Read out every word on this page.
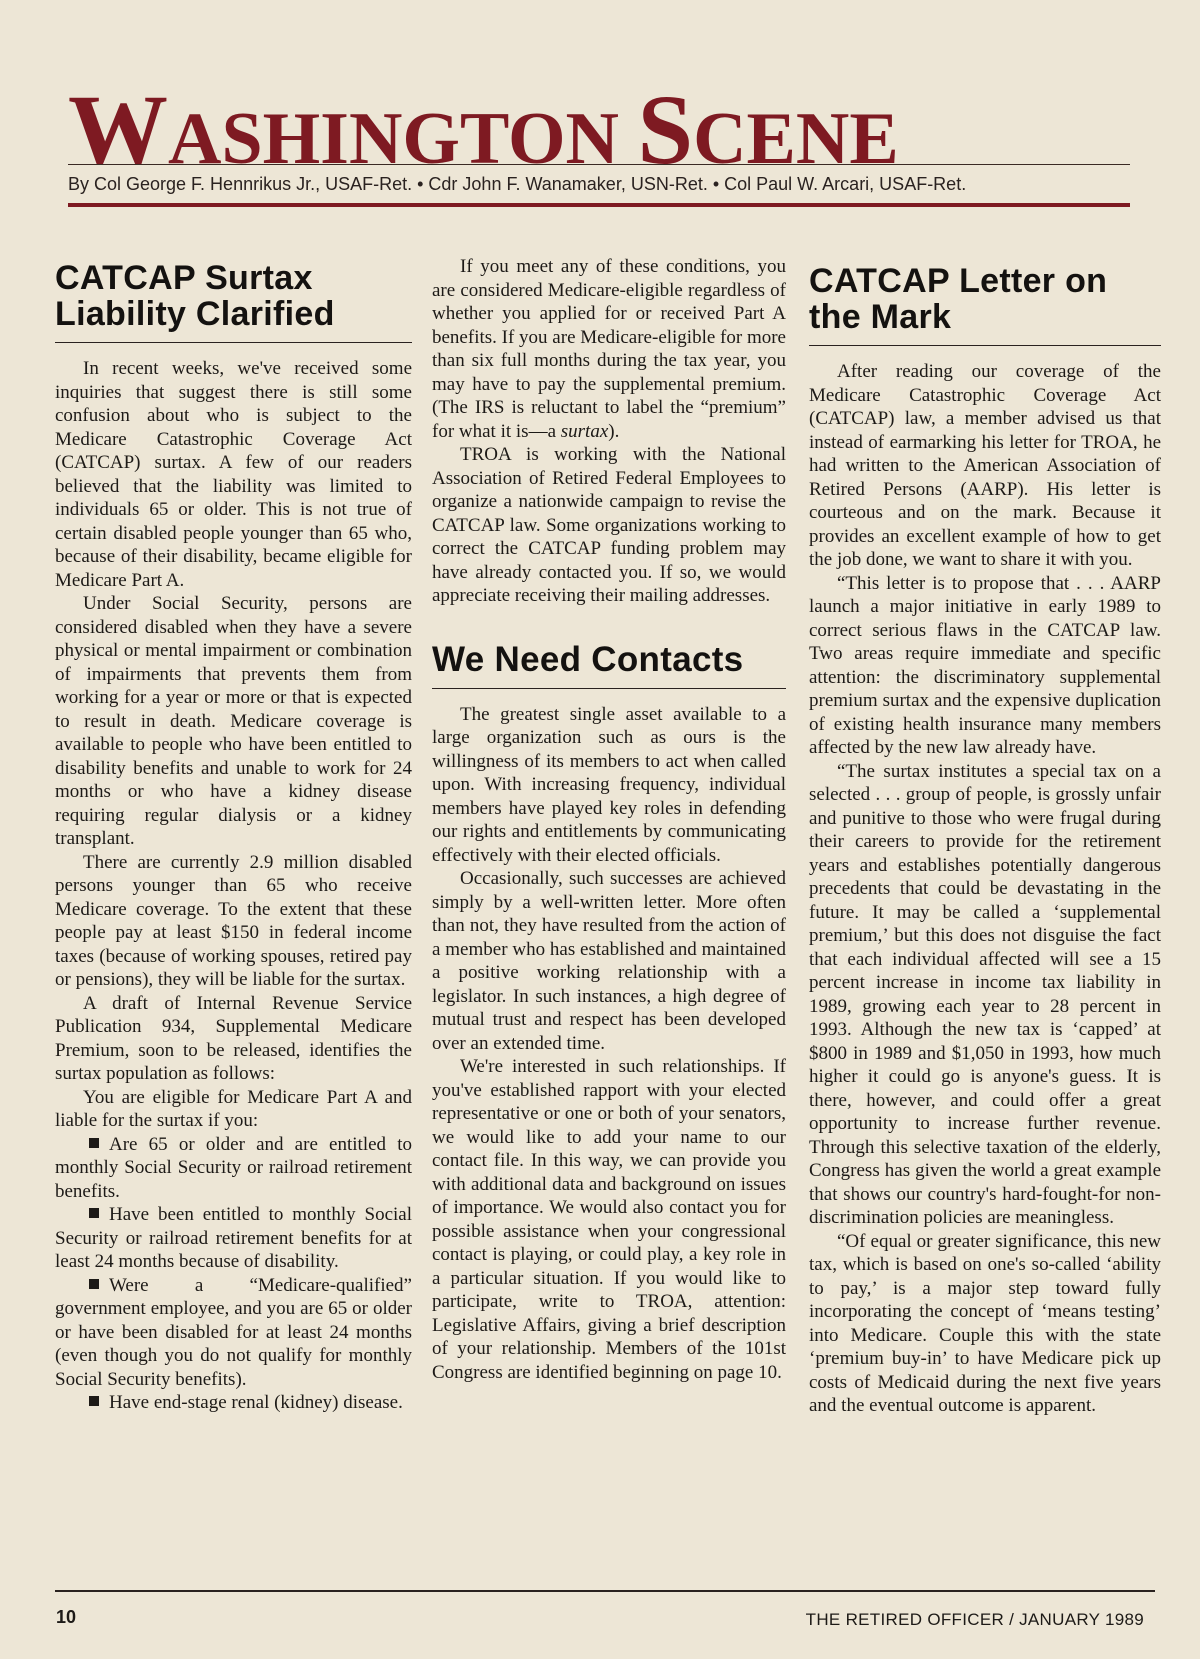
WASHINGTON SCENE
By Col George F. Hennrikus Jr., USAF-Ret. • Cdr John F. Wanamaker, USN-Ret. • Col Paul W. Arcari, USAF-Ret.
CATCAP Surtax Liability Clarified

In recent weeks, we've received some inquiries that suggest there is still some confusion about who is subject to the Medicare Catastrophic Coverage Act (CATCAP) surtax. A few of our readers believed that the liability was limited to individuals 65 or older. This is not true of certain disabled people younger than 65 who, because of their disability, became eligible for Medicare Part A.

Under Social Security, persons are considered disabled when they have a severe physical or mental impairment or combination of impairments that prevents them from working for a year or more or that is expected to result in death. Medicare coverage is available to people who have been entitled to disability benefits and unable to work for 24 months or who have a kidney disease requiring regular dialysis or a kidney transplant.

There are currently 2.9 million disabled persons younger than 65 who receive Medicare coverage. To the extent that these people pay at least $150 in federal income taxes (because of working spouses, retired pay or pensions), they will be liable for the surtax.

A draft of Internal Revenue Service Publication 934, Supplemental Medicare Premium, soon to be released, identifies the surtax population as follows:

You are eligible for Medicare Part A and liable for the surtax if you:

Are 65 or older and are entitled to monthly Social Security or railroad retirement benefits.

Have been entitled to monthly Social Security or railroad retirement benefits for at least 24 months because of disability.

Were a “Medicare-qualified” government employee, and you are 65 or older or have been disabled for at least 24 months (even though you do not qualify for monthly Social Security benefits).

Have end-stage renal (kidney) disease.

If you meet any of these conditions, you are considered Medicare-eligible regardless of whether you applied for or received Part A benefits. If you are Medicare-eligible for more than six full months during the tax year, you may have to pay the supplemental premium. (The IRS is reluctant to label the “premium” for what it is—a surtax).

TROA is working with the National Association of Retired Federal Employees to organize a nationwide campaign to revise the CATCAP law. Some organizations working to correct the CATCAP funding problem may have already contacted you. If so, we would appreciate receiving their mailing addresses.

We Need Contacts

The greatest single asset available to a large organization such as ours is the willingness of its members to act when called upon. With increasing frequency, individual members have played key roles in defending our rights and entitlements by communicating effectively with their elected officials.

Occasionally, such successes are achieved simply by a well-written letter. More often than not, they have resulted from the action of a member who has established and maintained a positive working relationship with a legislator. In such instances, a high degree of mutual trust and respect has been developed over an extended time.

We're interested in such relationships. If you've established rapport with your elected representative or one or both of your senators, we would like to add your name to our contact file. In this way, we can provide you with additional data and background on issues of importance. We would also contact you for possible assistance when your congressional contact is playing, or could play, a key role in a particular situation. If you would like to participate, write to TROA, attention: Legislative Affairs, giving a brief description of your relationship. Members of the 101st Congress are identified beginning on page 10.

CATCAP Letter on the Mark

After reading our coverage of the Medicare Catastrophic Coverage Act (CATCAP) law, a member advised us that instead of earmarking his letter for TROA, he had written to the American Association of Retired Persons (AARP). His letter is courteous and on the mark. Because it provides an excellent example of how to get the job done, we want to share it with you.

“This letter is to propose that . . . AARP launch a major initiative in early 1989 to correct serious flaws in the CATCAP law. Two areas require immediate and specific attention: the discriminatory supplemental premium surtax and the expensive duplication of existing health insurance many members affected by the new law already have.

“The surtax institutes a special tax on a selected . . . group of people, is grossly unfair and punitive to those who were frugal during their careers to provide for the retirement years and establishes potentially dangerous precedents that could be devastating in the future. It may be called a ‘supplemental premium,’ but this does not disguise the fact that each individual affected will see a 15 percent increase in income tax liability in 1989, growing each year to 28 percent in 1993. Although the new tax is ‘capped’ at $800 in 1989 and $1,050 in 1993, how much higher it could go is anyone's guess. It is there, however, and could offer a great opportunity to increase further revenue. Through this selective taxation of the elderly, Congress has given the world a great example that shows our country's hard-fought-for non-discrimination policies are meaningless.

“Of equal or greater significance, this new tax, which is based on one's so-called ‘ability to pay,’ is a major step toward fully incorporating the concept of ‘means testing’ into Medicare. Couple this with the state ‘premium buy-in’ to have Medicare pick up costs of Medicaid during the next five years and the eventual outcome is apparent.

10	THE RETIRED OFFICER / JANUARY 1989
